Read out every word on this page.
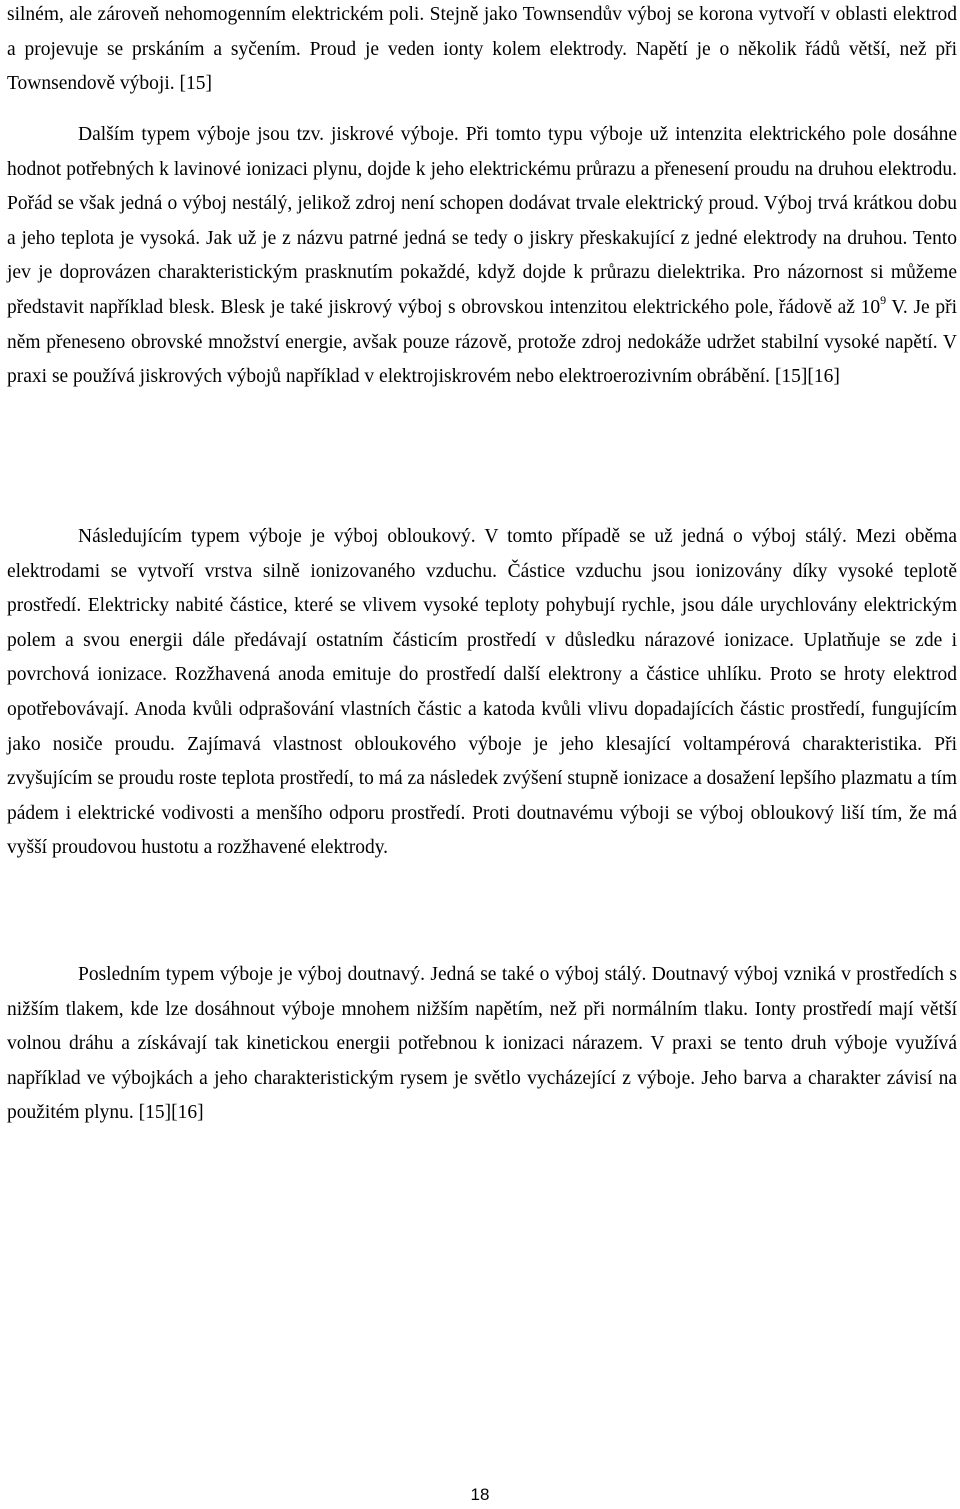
silném, ale zároveň nehomogenním elektrickém poli. Stejně jako Townsendův výboj se korona vytvoří v oblasti elektrod a projevuje se prskáním a syčením. Proud je veden ionty kolem elektrody. Napětí je o několik řádů větší, než při Townsendově výboji. [15]

Dalším typem výboje jsou tzv. jiskrové výboje. Při tomto typu výboje už intenzita elektrického pole dosáhne hodnot potřebných k lavinové ionizaci plynu, dojde k jeho elektrickému průrazu a přenesení proudu na druhou elektrodu. Pořád se však jedná o výboj nestálý, jelikož zdroj není schopen dodávat trvale elektrický proud. Výboj trvá krátkou dobu a jeho teplota je vysoká. Jak už je z názvu patrné jedná se tedy o jiskry přeskakující z jedné elektrody na druhou. Tento jev je doprovázen charakteristickým prasknutím pokaždé, když dojde k průrazu dielektrika. Pro názornost si můžeme představit například blesk. Blesk je také jiskrový výboj s obrovskou intenzitou elektrického pole, řádově až $10^9$ V. Je při něm přeneseno obrovské množství energie, avšak pouze rázově, protože zdroj nedokáže udržet stabilní vysoké napětí. V praxi se používá jiskrových výbojů například v elektrojiskrovém nebo elektroerozivním obrábění. [15][16]

Následujícím typem výboje je výboj obloukový. V tomto případě se už jedná o výboj stálý. Mezi oběma elektrodami se vytvoří vrstva silně ionizovaného vzduchu. Částice vzduchu jsou ionizovány díky vysoké teplotě prostředí. Elektricky nabité částice, které se vlivem vysoké teploty pohybují rychle, jsou dále urychlovány elektrickým polem a svou energii dále předávají ostatním částicím prostředí v důsledku nárazové ionizace. Uplatňuje se zde i povrchová ionizace. Rozžhavená anoda emituje do prostředí další elektrony a částice uhlíku. Proto se hroty elektrod opotřebovávají. Anoda kvůli odprašování vlastních částic a katoda kvůli vlivu dopadajících částic prostředí, fungujícím jako nosiče proudu. Zajímavá vlastnost obloukového výboje je jeho klesající voltampérová charakteristika. Při zvyšujícím se proudu roste teplota prostředí, to má za následek zvýšení stupně ionizace a dosažení lepšího plazmatu a tím pádem i elektrické vodivosti a menšího odporu prostředí. Proti doutnavému výboji se výboj obloukový liší tím, že má vyšší proudovou hustotu a rozžhavené elektrody.

Posledním typem výboje je výboj doutnavý. Jedná se také o výboj stálý. Doutnavý výboj vzniká v prostředích s nižším tlakem, kde lze dosáhnout výboje mnohem nižším napětím, než při normálním tlaku. Ionty prostředí mají větší volnou dráhu a získávají tak kinetickou energii potřebnou k ionizaci nárazem. V praxi se tento druh výboje využívá například ve výbojkách a jeho charakteristickým rysem je světlo vycházející z výboje. Jeho barva a charakter závisí na použitém plynu. [15][16]

18
